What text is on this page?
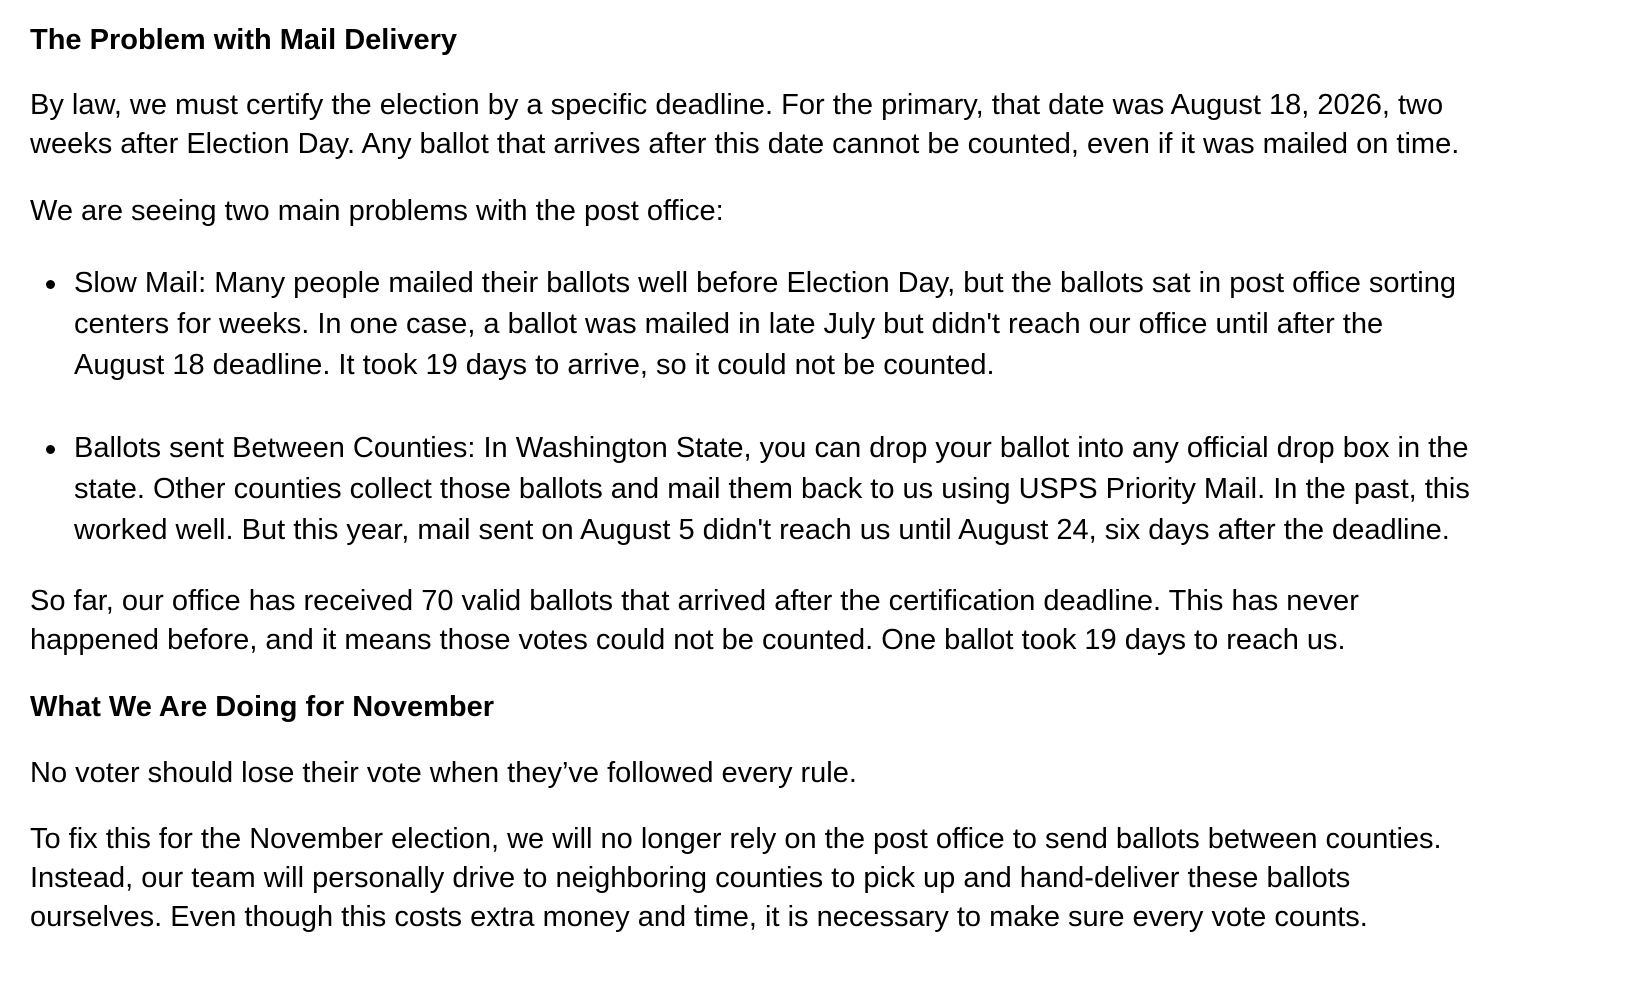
The Problem with Mail Delivery

By law, we must certify the election by a specific deadline. For the primary, that date was August 18, 2026, two
weeks after Election Day. Any ballot that arrives after this date cannot be counted, even if it was mailed on time.

We are seeing two main problems with the post office:

Slow Mail: Many people mailed their ballots well before Election Day, but the ballots sat in post office sorting
centers for weeks. In one case, a ballot was mailed in late July but didn't reach our office until after the
August 18 deadline. It took 19 days to arrive, so it could not be counted.
Ballots sent Between Counties: In Washington State, you can drop your ballot into any official drop box in the
state. Other counties collect those ballots and mail them back to us using USPS Priority Mail. In the past, this
worked well. But this year, mail sent on August 5 didn't reach us until August 24, six days after the deadline.

So far, our office has received 70 valid ballots that arrived after the certification deadline. This has never
happened before, and it means those votes could not be counted. One ballot took 19 days to reach us.

What We Are Doing for November

No voter should lose their vote when they’ve followed every rule.

To fix this for the November election, we will no longer rely on the post office to send ballots between counties.
Instead, our team will personally drive to neighboring counties to pick up and hand-deliver these ballots
ourselves. Even though this costs extra money and time, it is necessary to make sure every vote counts.
